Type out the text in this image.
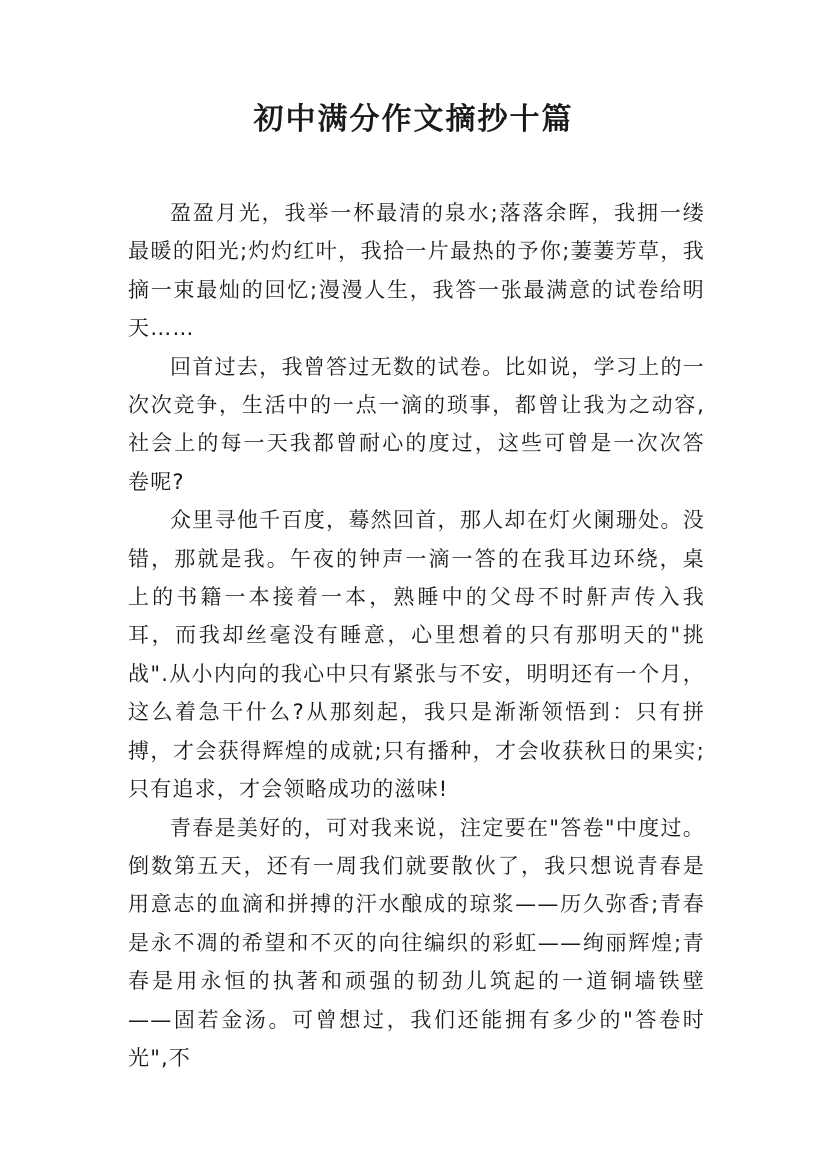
初中满分作文摘抄十篇

盈盈月光，我举一杯最清的泉水;落落余晖，我拥一缕最暖的阳光;灼灼红叶，我拾一片最热的予你;萋萋芳草，我摘一束最灿的回忆;漫漫人生，我答一张最满意的试卷给明天……

回首过去，我曾答过无数的试卷。比如说，学习上的一次次竞争，生活中的一点一滴的琐事，都曾让我为之动容,社会上的每一天我都曾耐心的度过，这些可曾是一次次答卷呢?

众里寻他千百度，蓦然回首，那人却在灯火阑珊处。没错，那就是我。午夜的钟声一滴一答的在我耳边环绕，桌上的书籍一本接着一本，熟睡中的父母不时鼾声传入我耳，而我却丝毫没有睡意，心里想着的只有那明天的"挑战".从小内向的我心中只有紧张与不安，明明还有一个月，这么着急干什么?从那刻起，我只是渐渐领悟到：只有拼搏，才会获得辉煌的成就;只有播种，才会收获秋日的果实;只有追求，才会领略成功的滋味!

青春是美好的，可对我来说，注定要在"答卷"中度过。倒数第五天，还有一周我们就要散伙了，我只想说青春是用意志的血滴和拼搏的汗水酿成的琼浆——历久弥香;青春是永不凋的希望和不灭的向往编织的彩虹——绚丽辉煌;青春是用永恒的执著和顽强的韧劲儿筑起的一道铜墙铁壁——固若金汤。可曾想过，我们还能拥有多少的"答卷时光",不
